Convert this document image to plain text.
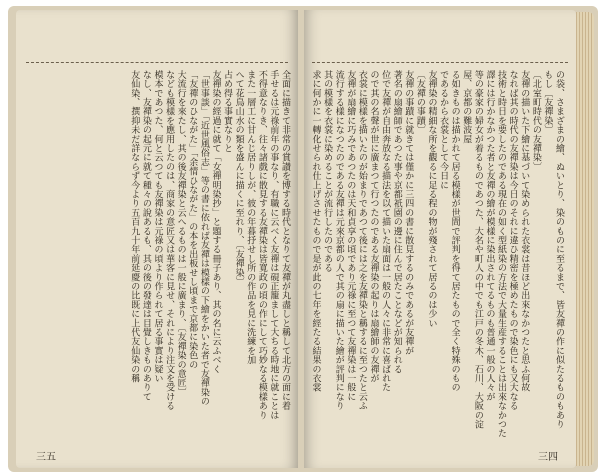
全面に描きて非常の賞讃を博する時代となりて友禪が丸盡しと稱して北方の面に着

手せるは元祿前年の事なり、有職に云べく友禪は硯正籠まして大ちる時地に就ことは

不得意なりき、往々諸戲に散見する友禪染は皆寬政の頃の作にして巧妙なる模樣あり

また一層工に甘んじ居りしが、彼の年暮抒せし所の作品を見に洗練を加

へて花鳥山水の類を盛んに描くに至れり、〔友禪染〕

占め得る事實なりと

友禪染の經過に就て「女禪明染抄」と題する冊子あり、其の名に云ふべく

「世事談」「近世風俗志」等の書に依れば友禪は模樣の下繪をかいた者で友禪染の

「友禪のひながた」「余情ひながた」の本を出板せし頃まで京都に染色の

大流行を來たし、其の後友禪染と云へるものは一般に廣まり、〔友禪染の意匠〕

なども模樣を應用したのは、商家の意匠又は華客に見せ、それにより注文を受ける

模本であつた、何と云つても友禪染は元祿の頃より作られて居る事實は疑い

なし、友禪染の起元に就て種々の說あるも、其の後の發達は目覺しきものありて

友仙染、撰抑未だ詳ならず今より五百九十年前延慶の比既に上代友仙染の稱

三五

の袋、さまざまの繪、ぬいとり、染のものに至るまで、皆友禪の作に似たるものもあり

もし〔友禪染〕

〔北室町時代の友禪染〕

友禪の描いた下繪に基づいて染められた衣裳は昔ほど出來なかつたと思ふ何故

なれば其の時代の友禪染は今日のそれに違ひ精密を極めたもので染色にも又大なる

技術と時日を要したのである現在の如く型紙染の方法で大量生産することは出來なかつた

譯には行かなかつた者と友禪の繪が模樣に染出されてるものも普通一般の人々が

等の豪家の婦女が着るものであつた、大名や町人の中でも江戸の冬木、石川、大阪の淀屋、京都の難波屋

る如きものは描かれて居る模樣が世間で評判を得て居たもので全く特殊のもの

であるから衣裳として今日に

友禪染の精細な所を觀るに足る程の物が殘されて居るのは少い

〔友禪の事蹟〕

友禪の事蹟に就きては僅かに三四の書に散見するのみであるが友禪が

著名の扇繪師であつた事や京都祇園の邊に住んで居たことなどが知られる

位で友禪が自由奔放なる描法を以て描いた扇面は一般の人々に非常に喜ばれた

ので其の名聲が世に廣まつて行つたのである友禪染の起りは扇繪師の友禪が

衣裳に模樣を描いたのが始まりであつて後には之を友禪染と稱するに至つたと云ふ

友禪が扇繪に巧みであつたのは天和貞享の頃であり元祿に至つて友禪染は一般に

流行する樣になつたのである友禪は元來京都の人で其の扇に描いた繪が評判になり

其の模樣を衣裳に染めることが流行したのである

求に何かに一轉化せられ仕上げさせたもので是が此の七年を經たる結果の衣裳

三四
